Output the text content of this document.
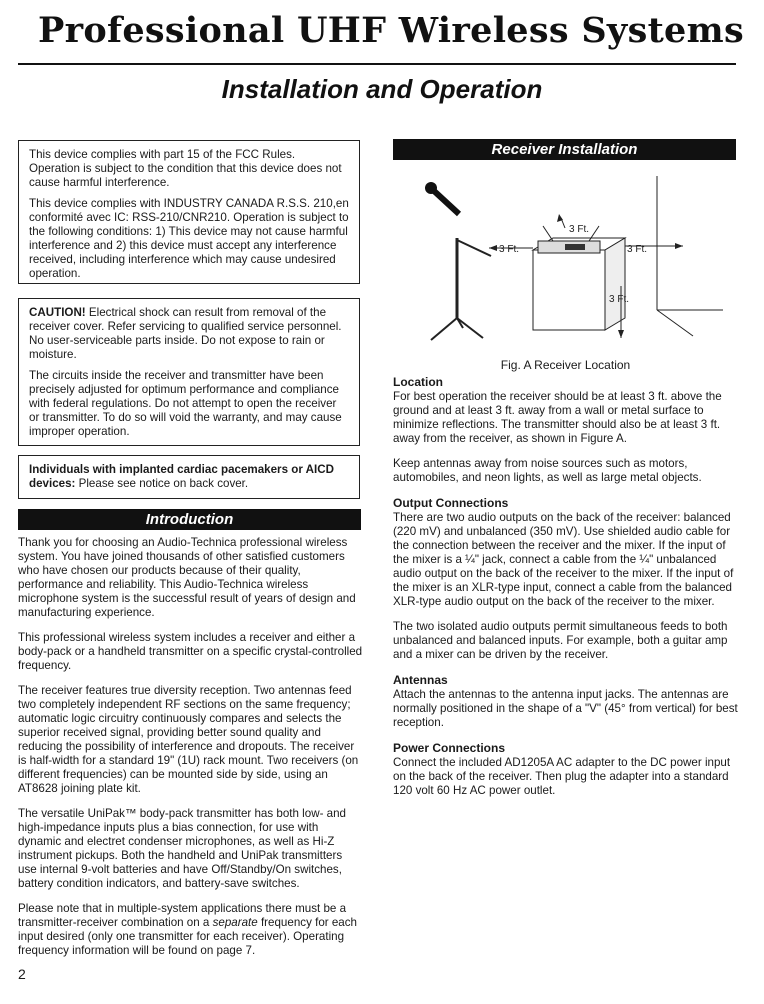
Professional UHF Wireless Systems
Installation and Operation

This device complies with part 15 of the FCC Rules. Operation is subject to the condition that this device does not cause harmful interference.

This device complies with INDUSTRY CANADA R.S.S. 210,en conformité avec IC: RSS-210/CNR210. Operation is subject to the following conditions: 1) This device may not cause harmful interference and 2) this device must accept any interference received, including interference which may cause undesired operation.

CAUTION! Electrical shock can result from removal of the receiver cover. Refer servicing to qualified service personnel. No user-serviceable parts inside. Do not expose to rain or moisture.

The circuits inside the receiver and transmitter have been precisely adjusted for optimum performance and compliance with federal regulations. Do not attempt to open the receiver or transmitter. To do so will void the warranty, and may cause improper operation.

Individuals with implanted cardiac pacemakers or AICD devices: Please see notice on back cover.

Introduction

Thank you for choosing an Audio-Technica professional wireless system. You have joined thousands of other satisfied customers who have chosen our products because of their quality, performance and reliability. This Audio-Technica wireless microphone system is the successful result of years of design and manufacturing experience.

This professional wireless system includes a receiver and either a body-pack or a handheld transmitter on a specific crystal-controlled frequency.

The receiver features true diversity reception. Two antennas feed two completely independent RF sections on the same frequency; automatic logic circuitry continuously compares and selects the superior received signal, providing better sound quality and reducing the possibility of interference and dropouts. The receiver is half-width for a standard 19" (1U) rack mount. Two receivers (on different frequencies) can be mounted side by side, using an AT8628 joining plate kit.

The versatile UniPak™ body-pack transmitter has both low- and high-impedance inputs plus a bias connection, for use with dynamic and electret condenser microphones, as well as Hi-Z instrument pickups. Both the handheld and UniPak transmitters use internal 9-volt batteries and have Off/Standby/On switches, battery condition indicators, and battery-save switches.

Please note that in multiple-system applications there must be a transmitter-receiver combination on a separate frequency for each input desired (only one transmitter for each receiver). Operating frequency information will be found on page 7.

Receiver Installation
3 Ft.
3 Ft.
3 Ft.
3 Ft.
Fig. A Receiver Location
Location

For best operation the receiver should be at least 3 ft. above the ground and at least 3 ft. away from a wall or metal surface to minimize reflections. The transmitter should also be at least 3 ft. away from the receiver, as shown in Figure A.

Keep antennas away from noise sources such as motors, automobiles, and neon lights, as well as large metal objects.

Output Connections

There are two audio outputs on the back of the receiver: balanced (220 mV) and unbalanced (350 mV). Use shielded audio cable for the connection between the receiver and the mixer. If the input of the mixer is a ¼" jack, connect a cable from the ¼" unbalanced audio output on the back of the receiver to the mixer. If the input of the mixer is an XLR-type input, connect a cable from the balanced XLR-type audio output on the back of the receiver to the mixer.

The two isolated audio outputs permit simultaneous feeds to both unbalanced and balanced inputs. For example, both a guitar amp and a mixer can be driven by the receiver.

Antennas

Attach the antennas to the antenna input jacks. The antennas are normally positioned in the shape of a "V" (45° from vertical) for best reception.

Power Connections

Connect the included AD1205A AC adapter to the DC power input on the back of the receiver. Then plug the adapter into a standard 120 volt 60 Hz AC power outlet.

2
